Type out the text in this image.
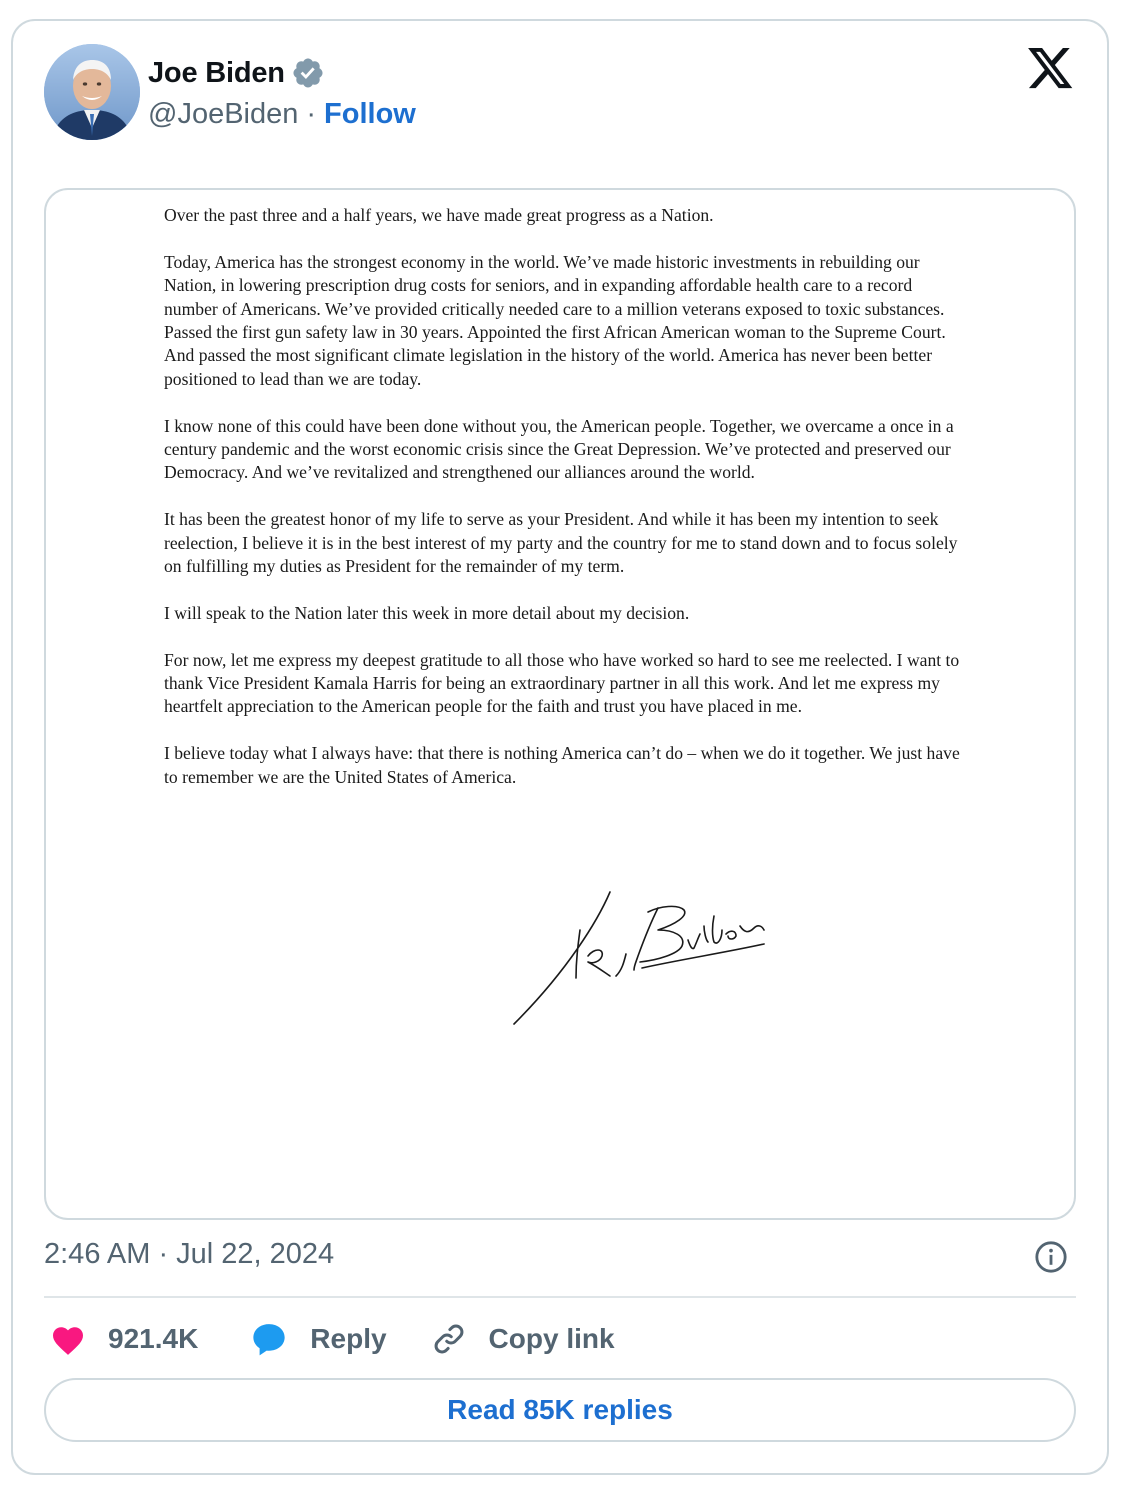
Joe Biden
@JoeBiden · Follow

Over the past three and a half years, we have made great progress as a Nation.

Today, America has the strongest economy in the world. We’ve made historic investments in rebuilding our Nation, in lowering prescription drug costs for seniors, and in expanding affordable health care to a record number of Americans. We’ve provided critically needed care to a million veterans exposed to toxic substances. Passed the first gun safety law in 30 years. Appointed the first African American woman to the Supreme Court. And passed the most significant climate legislation in the history of the world. America has never been better positioned to lead than we are today.

I know none of this could have been done without you, the American people. Together, we overcame a once in a century pandemic and the worst economic crisis since the Great Depression. We’ve protected and preserved our Democracy. And we’ve revitalized and strengthened our alliances around the world.

It has been the greatest honor of my life to serve as your President. And while it has been my intention to seek reelection, I believe it is in the best interest of my party and the country for me to stand down and to focus solely on fulfilling my duties as President for the remainder of my term.

I will speak to the Nation later this week in more detail about my decision.

For now, let me express my deepest gratitude to all those who have worked so hard to see me reelected. I want to thank Vice President Kamala Harris for being an extraordinary partner in all this work. And let me express my heartfelt appreciation to the American people for the faith and trust you have placed in me.

I believe today what I always have: that there is nothing America can’t do – when we do it together. We just have to remember we are the United States of America.

2:46 AM · Jul 22, 2024
921.4K	Reply	Copy link
Read 85K replies
